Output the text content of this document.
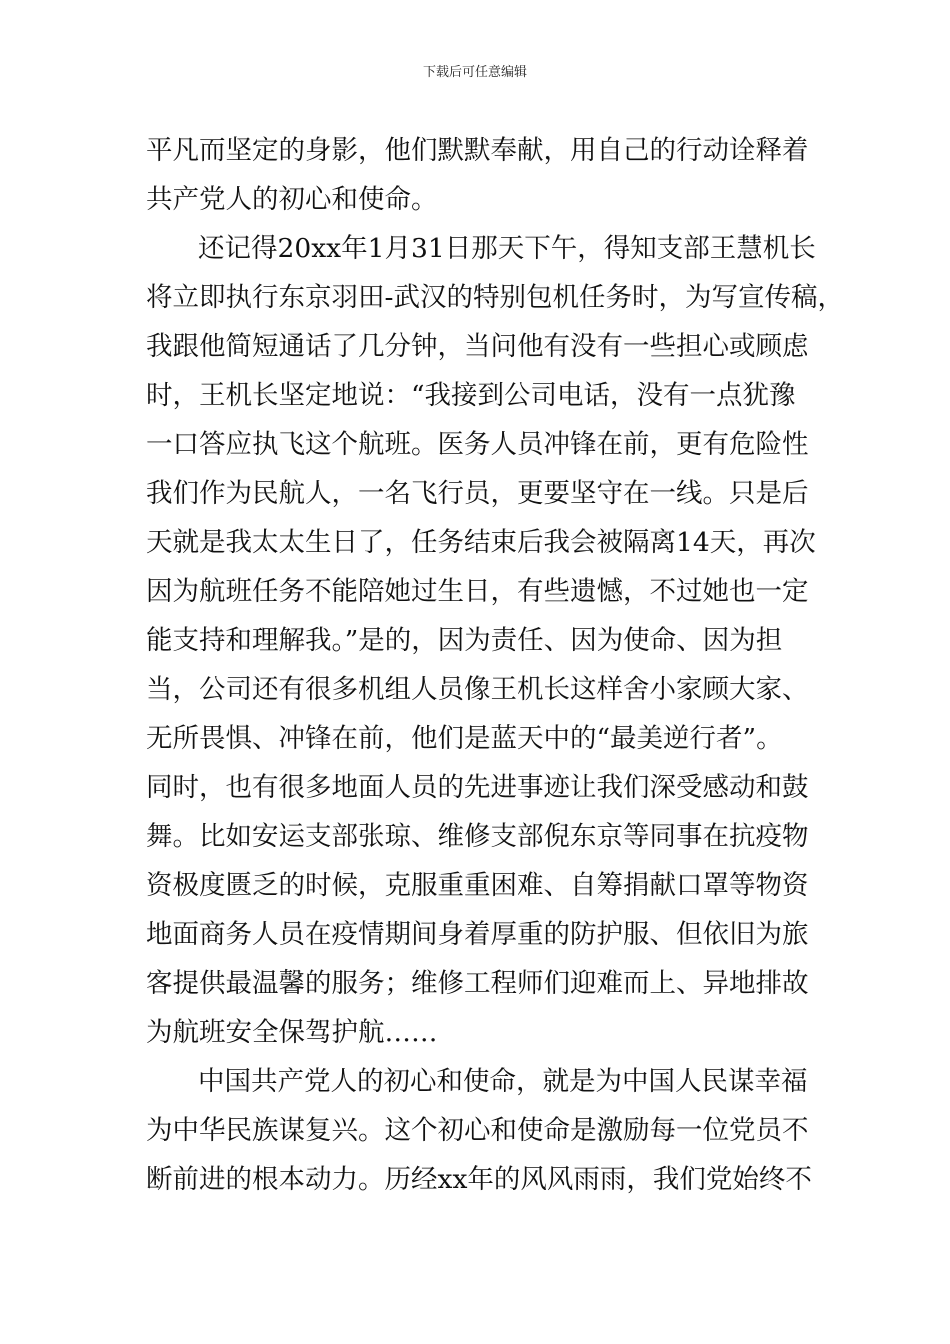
下载后可任意编辑
平凡而坚定的身影，他们默默奉献，用自己的行动诠释着
共产党人的初心和使命。
还记得20xx年1月31日那天下午，得知支部王慧机长
将立即执行东京羽田-武汉的特别包机任务时，为写宣传稿，
我跟他简短通话了几分钟，当问他有没有一些担心或顾虑
时，王机长坚定地说：“我接到公司电话，没有一点犹豫
一口答应执飞这个航班。医务人员冲锋在前，更有危险性
我们作为民航人，一名飞行员，更要坚守在一线。只是后
天就是我太太生日了，任务结束后我会被隔离14天，再次
因为航班任务不能陪她过生日，有些遗憾，不过她也一定
能支持和理解我。”是的，因为责任、因为使命、因为担
当，公司还有很多机组人员像王机长这样舍小家顾大家、
无所畏惧、冲锋在前，他们是蓝天中的“最美逆行者”。
同时，也有很多地面人员的先进事迹让我们深受感动和鼓
舞。比如安运支部张琼、维修支部倪东京等同事在抗疫物
资极度匮乏的时候，克服重重困难、自筹捐献口罩等物资
地面商务人员在疫情期间身着厚重的防护服、但依旧为旅
客提供最温馨的服务；维修工程师们迎难而上、异地排故
为航班安全保驾护航……
中国共产党人的初心和使命，就是为中国人民谋幸福
为中华民族谋复兴。这个初心和使命是激励每一位党员不
断前进的根本动力。历经xx年的风风雨雨，我们党始终不
